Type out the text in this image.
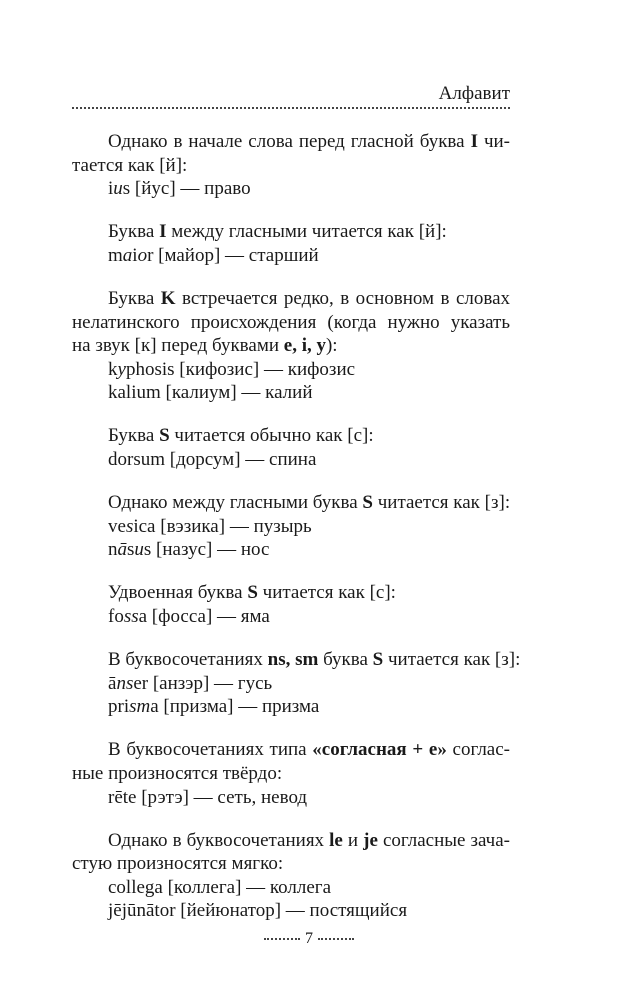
Алфавит
Однако в начале слова перед гласной буква I чи-
тается как [й]:
ius [йус] — право
Буква I между гласными читается как [й]:
maior [майор] — старший
Буква K встречается редко, в основном в словах
нелатинского происхождения (когда нужно указать
на звук [к] перед буквами e, i, y):
kyphosis [кифозис] — кифозис
kalium [калиум] — калий
Буква S читается обычно как [с]:
dorsum [дорсум] — спина
Однако между гласными буква S читается как [з]:
vesica [вэзика] — пузырь
nāsus [назус] — нос
Удвоенная буква S читается как [с]:
fossa [фосса] — яма
В буквосочетаниях ns, sm буква S читается как [з]:
ānser [анзэр] — гусь
prisma [призма] — призма
В буквосочетаниях типа «согласная + е» соглас-
ные произносятся твёрдо:
rēte [рэтэ] — сеть, невод
Однако в буквосочетаниях le и je согласные зача-
стую произносятся мягко:
collega [коллега] — коллега
jējūnātor [йейюнатор] — постящийся
7
